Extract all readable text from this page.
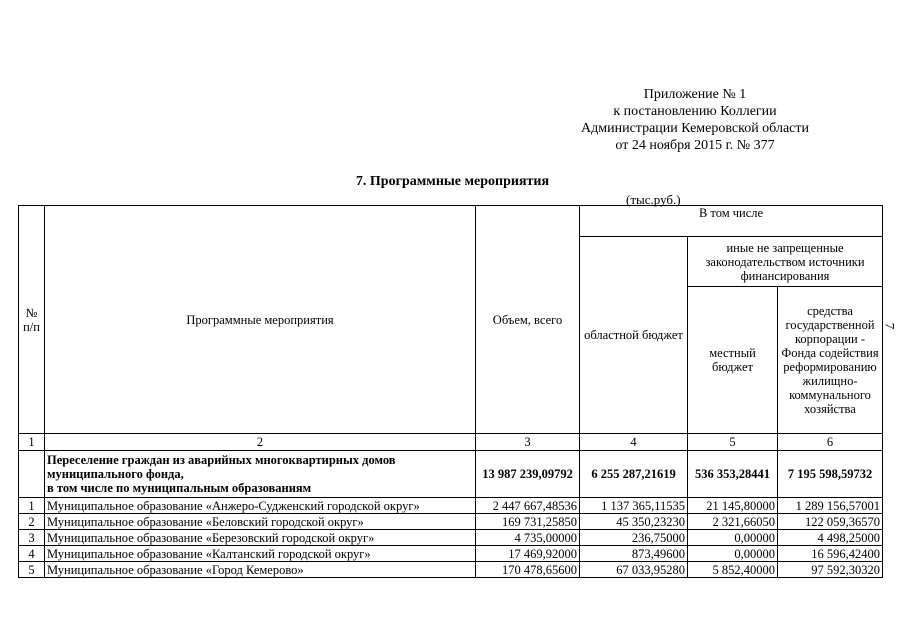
Приложение № 1
к постановлению Коллегии
Администрации Кемеровской области
от 24 ноября 2015 г. № 377
7. Программные мероприятия
(тыс.руб.)
7
№ п/п	Программные мероприятия	Объем, всего	В том числе		
			областной бюджет	иные не запрещенные законодательством источники финансирования	
				местный бюджет	средства государственной корпорации - Фонда содействия реформированию жилищно-коммунального хозяйства
1	2	3	4	5	6

	Переселение граждан из аварийных многоквартирных домов
муниципального фонда,
в том числе по муниципальным образованиям	13 987 239,09792	6 255 287,21619	536 353,28441	7 195 598,59732
1	Муниципальное образование «Анжеро-Судженский городской округ»	2 447 667,48536	1 137 365,11535	21 145,80000	1 289 156,57001
2	Муниципальное образование «Беловский городской округ»	169 731,25850	45 350,23230	2 321,66050	122 059,36570
3	Муниципальное образование «Березовский городской округ»	4 735,00000	236,75000	0,00000	4 498,25000
4	Муниципальное образование «Калтанский городской округ»	17 469,92000	873,49600	0,00000	16 596,42400
5	Муниципальное образование «Город Кемерово»	170 478,65600	67 033,95280	5 852,40000	97 592,30320
